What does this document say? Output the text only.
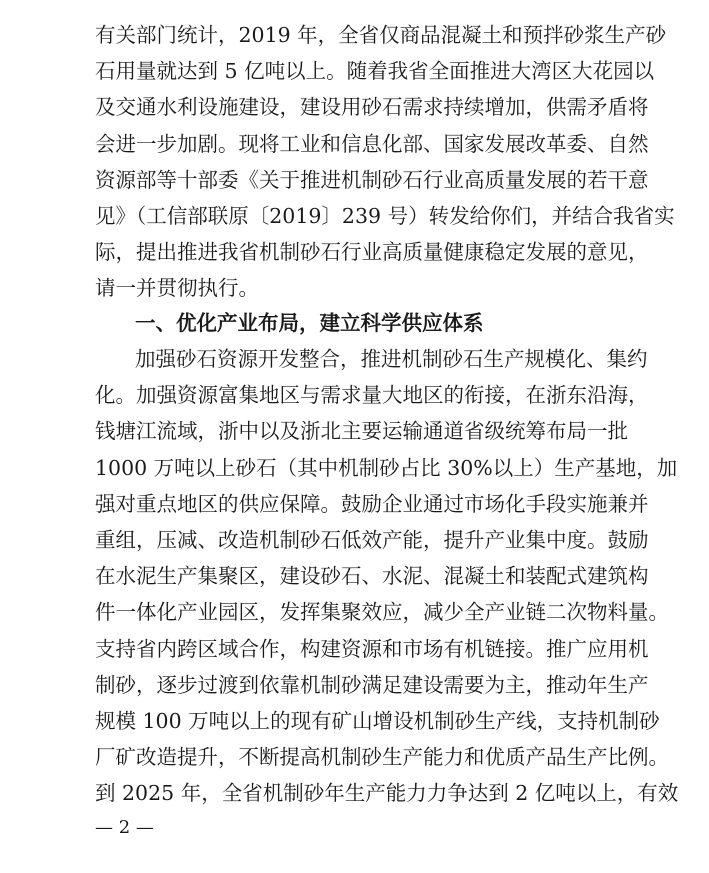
有关部门统计，2019 年，全省仅商品混凝土和预拌砂浆生产砂
石用量就达到 5 亿吨以上。随着我省全面推进大湾区大花园以
及交通水利设施建设，建设用砂石需求持续增加，供需矛盾将
会进一步加剧。现将工业和信息化部、国家发展改革委、自然
资源部等十部委《关于推进机制砂石行业高质量发展的若干意
见》（工信部联原〔2019〕239 号）转发给你们，并结合我省实
际，提出推进我省机制砂石行业高质量健康稳定发展的意见，
请一并贯彻执行。
一、优化产业布局，建立科学供应体系
加强砂石资源开发整合，推进机制砂石生产规模化、集约
化。加强资源富集地区与需求量大地区的衔接，在浙东沿海，
钱塘江流域，浙中以及浙北主要运输通道省级统筹布局一批
1000 万吨以上砂石（其中机制砂占比 30%以上）生产基地，加
强对重点地区的供应保障。鼓励企业通过市场化手段实施兼并
重组，压减、改造机制砂石低效产能，提升产业集中度。鼓励
在水泥生产集聚区，建设砂石、水泥、混凝土和装配式建筑构
件一体化产业园区，发挥集聚效应，减少全产业链二次物料量。
支持省内跨区域合作，构建资源和市场有机链接。推广应用机
制砂，逐步过渡到依靠机制砂满足建设需要为主，推动年生产
规模 100 万吨以上的现有矿山增设机制砂生产线，支持机制砂
厂矿改造提升，不断提高机制砂生产能力和优质产品生产比例。
— 2 —
到 2025 年，全省机制砂年生产能力力争达到 2 亿吨以上，有效
